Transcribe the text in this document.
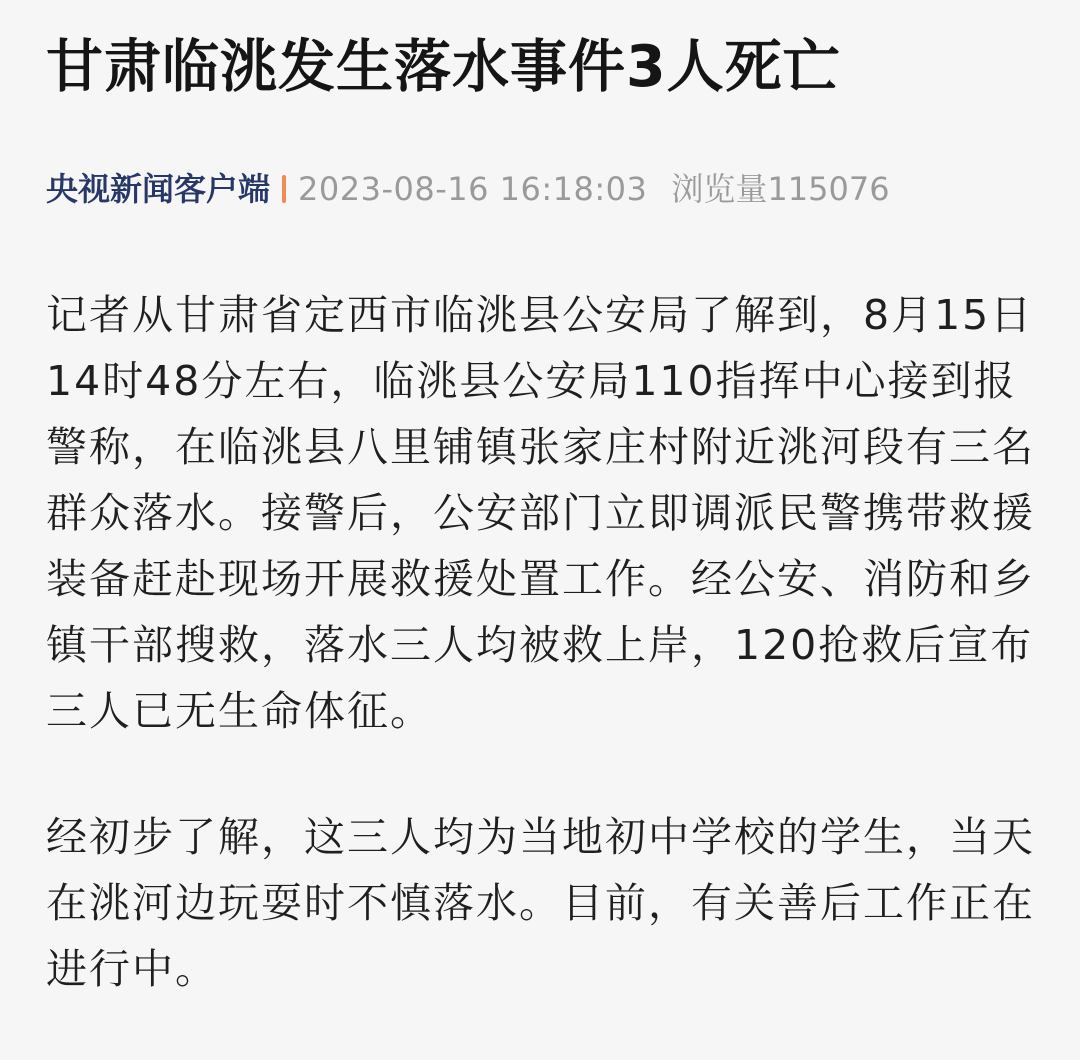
甘肃临洮发生落水事件3人死亡
央视新闻客户端 2023-08-16 16:18:03 浏览量 115076

记者从甘肃省定西市临洮县公安局了解到，8月15日14时48分左右，临洮县公安局110指挥中心接到报警称，在临洮县八里铺镇张家庄村附近洮河段有三名群众落水。接警后，公安部门立即调派民警携带救援装备赶赴现场开展救援处置工作。经公安、消防和乡镇干部搜救，落水三人均被救上岸，120抢救后宣布三人已无生命体征。

经初步了解，这三人均为当地初中学校的学生，当天在洮河边玩耍时不慎落水。目前，有关善后工作正在进行中。
